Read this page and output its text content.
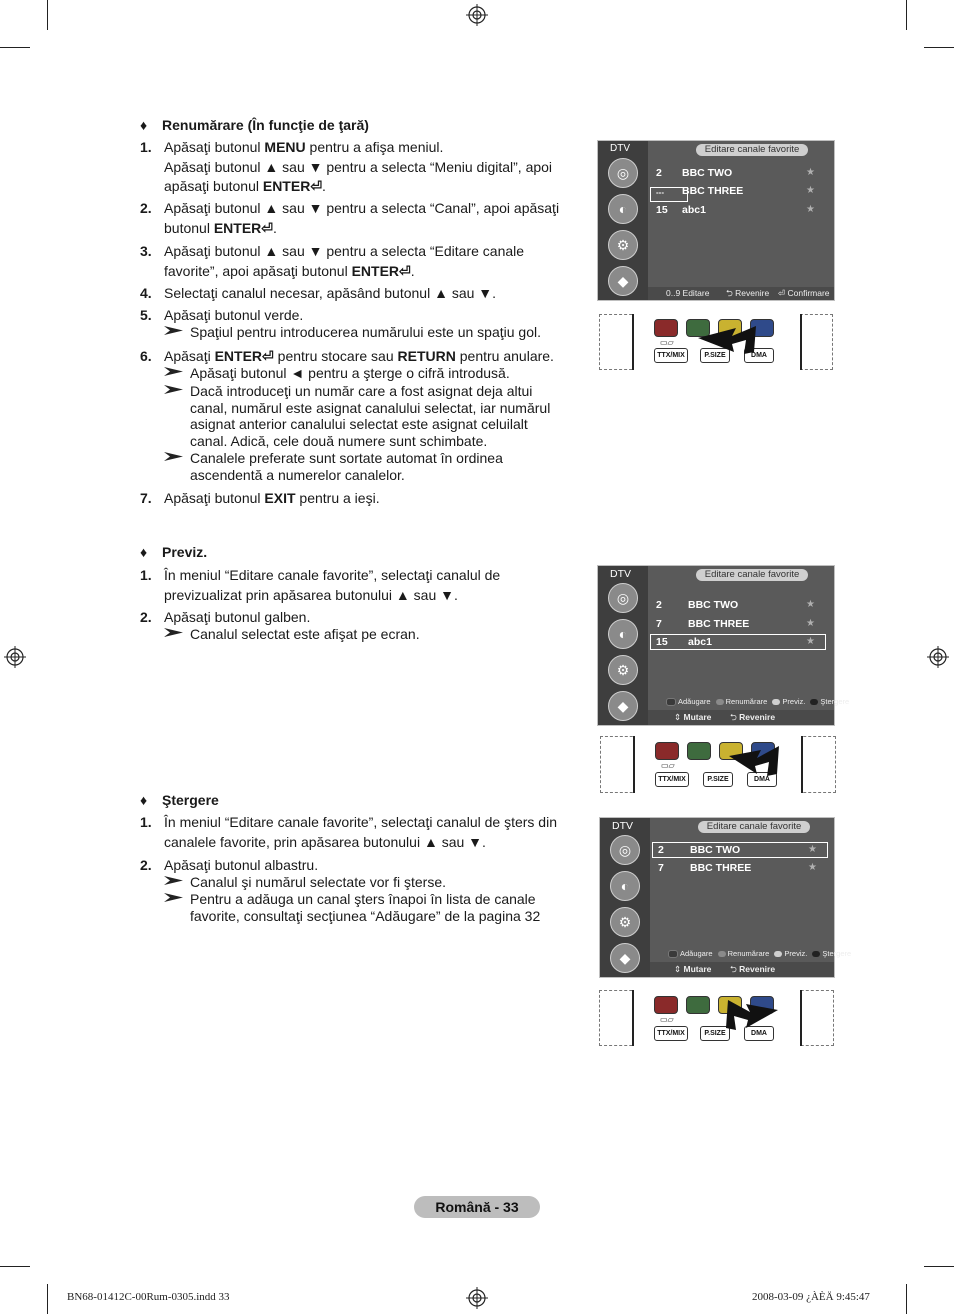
♦ Renumărare (În funcţie de ţară)
1. Apăsaţi butonul MENU pentru a afişa meniul.
Apăsaţi butonul ▲ sau ▼ pentru a selecta “Meniu digital”, apoi
apăsaţi butonul ENTER⏎.
2. Apăsaţi butonul ▲ sau ▼ pentru a selecta “Canal”, apoi apăsaţi
butonul ENTER⏎.
3. Apăsaţi butonul ▲ sau ▼ pentru a selecta “Editare canale
favorite”, apoi apăsaţi butonul ENTER⏎.
4. Selectaţi canalul necesar, apăsând butonul ▲ sau ▼.
5. Apăsaţi butonul verde.
Spaţiul pentru introducerea numărului este un spaţiu gol.
6. Apăsaţi ENTER⏎ pentru stocare sau RETURN pentru anulare.
Apăsaţi butonul ◄ pentru a şterge o cifră introdusă.
Dacă introduceţi un număr care a fost asignat deja altui
canal, numărul este asignat canalului selectat, iar numărul
asignat anterior canalului selectat este asignat celuilalt
canal. Adică, cele două numere sunt schimbate.
Canalele preferate sunt sortate automat în ordinea
ascendentă a numerelor canalelor.
7. Apăsaţi butonul EXIT pentru a ieşi.
♦ Previz.
1. În meniul “Editare canale favorite”, selectaţi canalul de
previzualizat prin apăsarea butonului ▲ sau ▼.
2. Apăsaţi butonul galben.
Canalul selectat este afişat pe ecran.
♦ Ştergere
1. În meniul “Editare canale favorite”, selectaţi canalul de şters din
canalele favorite, prin apăsarea butonului ▲ sau ▼.
2. Apăsaţi butonul albastru.
Canalul şi numărul selectate vor fi şterse.
Pentru a adăuga un canal şters înapoi în lista de canale
favorite, consultaţi secţiunea “Adăugare” de la pagina 32
DTV
◎
◐
⚙
◆
Editare canale favorite
2 BBC TWO	★
--- BBC THREE	★
15 abc1	★
0..9 Editare ⮌ Revenire ⏎ Confirmare
▭▱
TTX/MIX	P.SIZE	DMA
DTV
◎
◐
⚙
◆
Editare canale favorite
2 BBC TWO	★
7 BBC THREE	★
15 abc1	★
Adăugare Renumărare Previz. Ştergere
⇕ Mutare ⮌ Revenire
▭▱
TTX/MIX	P.SIZE	DMA
DTV
◎
◐
⚙
◆
Editare canale favorite
2 BBC TWO	★
7 BBC THREE	★
Adăugare Renumărare Previz. Ştergere
⇕ Mutare ⮌ Revenire
▭▱
TTX/MIX	P.SIZE	DMA
Română - 33
BN68-01412C-00Rum-0305.indd 33	2008-03-09 ¿ÀÈÄ 9:45:47
